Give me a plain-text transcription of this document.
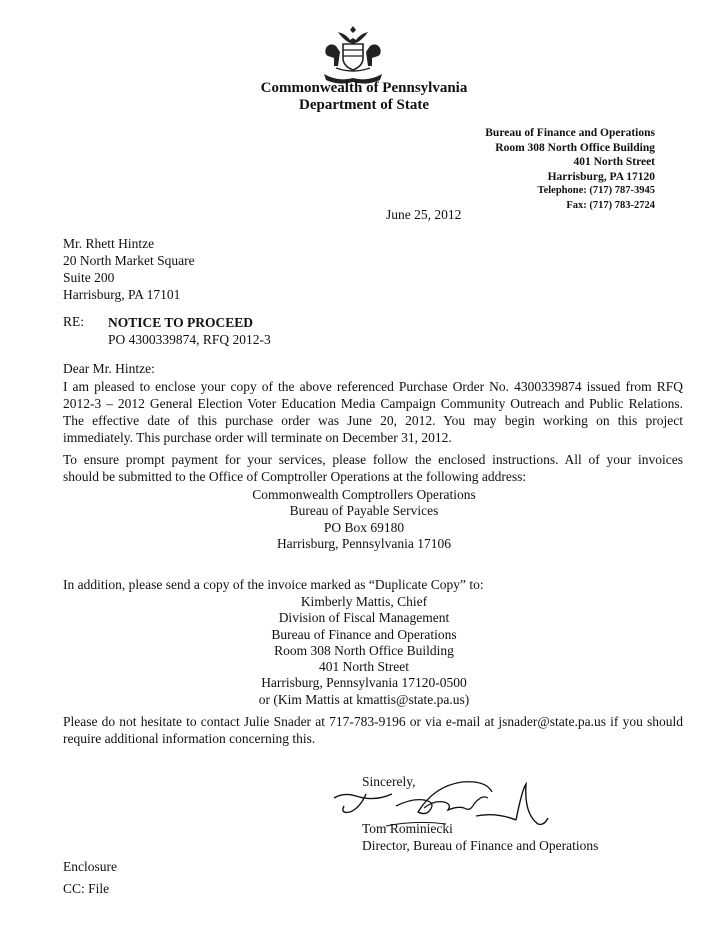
Commonwealth of Pennsylvania
Department of State
Bureau of Finance and Operations
Room 308 North Office Building
401 North Street
Harrisburg, PA 17120
Telephone: (717) 787-3945
Fax: (717) 783-2724
June 25, 2012
Mr. Rhett Hintze
20 North Market Square
Suite 200
Harrisburg, PA 17101
RE: NOTICE TO PROCEED
PO 4300339874, RFQ 2012-3
Dear Mr. Hintze:
I am pleased to enclose your copy of the above referenced Purchase Order No. 4300339874 issued from RFQ
2012-3 – 2012 General Election Voter Education Media Campaign Community Outreach and Public Relations.
The effective date of this purchase order was June 20, 2012. You may begin working on this project
immediately. This purchase order will terminate on December 31, 2012.
To ensure prompt payment for your services, please follow the enclosed instructions. All of your invoices
should be submitted to the Office of Comptroller Operations at the following address:
Commonwealth Comptrollers Operations
Bureau of Payable Services
PO Box 69180
Harrisburg, Pennsylvania 17106
In addition, please send a copy of the invoice marked as “Duplicate Copy” to:
Kimberly Mattis, Chief
Division of Fiscal Management
Bureau of Finance and Operations
Room 308 North Office Building
401 North Street
Harrisburg, Pennsylvania 17120-0500
or (Kim Mattis at kmattis@state.pa.us)
Please do not hesitate to contact Julie Snader at 717-783-9196 or via e-mail at jsnader@state.pa.us if you should
require additional information concerning this.
Sincerely,
Tom Rominiecki
Director, Bureau of Finance and Operations
Enclosure
CC: File
